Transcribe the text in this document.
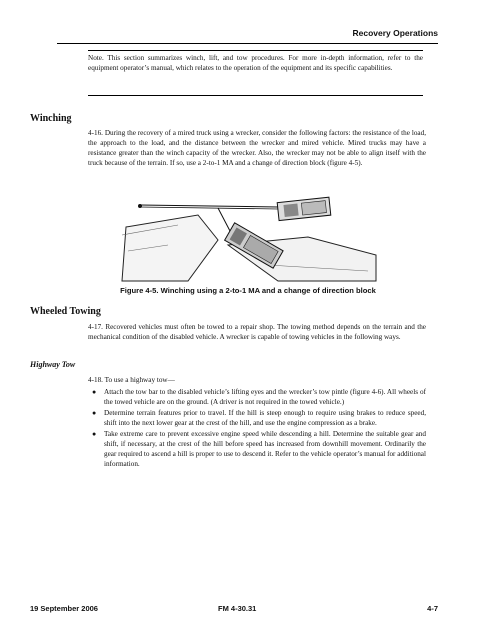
Recovery Operations
Note. This section summarizes winch, lift, and tow procedures. For more in-depth information, refer to the equipment operator’s manual, which relates to the operation of the equipment and its specific capabilities.
Winching
4-16. During the recovery of a mired truck using a wrecker, consider the following factors: the resistance of the load, the approach to the load, and the distance between the wrecker and mired vehicle. Mired trucks may have a resistance greater than the winch capacity of the wrecker. Also, the wrecker may not be able to align itself with the truck because of the terrain. If so, use a 2-to-1 MA and a change of direction block (figure 4-5).
Figure 4-5. Winching using a 2-to-1 MA and a change of direction block
Wheeled Towing
4-17. Recovered vehicles must often be towed to a repair shop. The towing method depends on the terrain and the mechanical condition of the disabled vehicle. A wrecker is capable of towing vehicles in the following ways.
Highway Tow
4-18. To use a highway tow—
● Attach the tow bar to the disabled vehicle’s lifting eyes and the wrecker’s tow pintle (figure 4-6). All wheels of the towed vehicle are on the ground. (A driver is not required in the towed vehicle.)
● Determine terrain features prior to travel. If the hill is steep enough to require using brakes to reduce speed, shift into the next lower gear at the crest of the hill, and use the engine compression as a brake.
● Take extreme care to prevent excessive engine speed while descending a hill. Determine the suitable gear and shift, if necessary, at the crest of the hill before speed has increased from downhill movement. Ordinarily the gear required to ascend a hill is proper to use to descend it. Refer to the vehicle operator’s manual for additional information.
19 September 2006	FM 4-30.31	4-7
